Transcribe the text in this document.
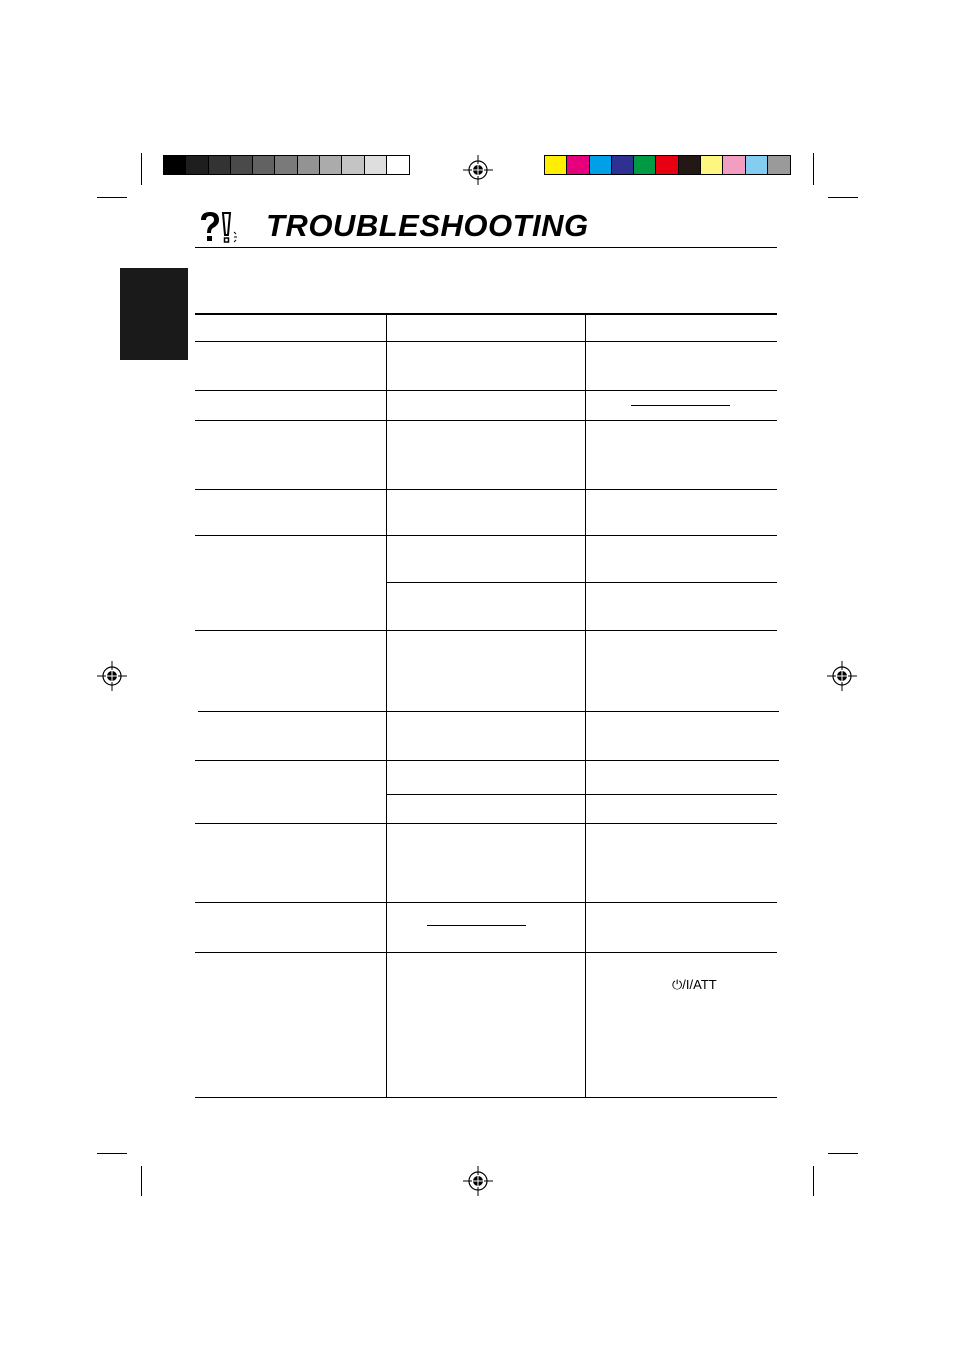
TROUBLESHOOTING
⏻/I/ATT
